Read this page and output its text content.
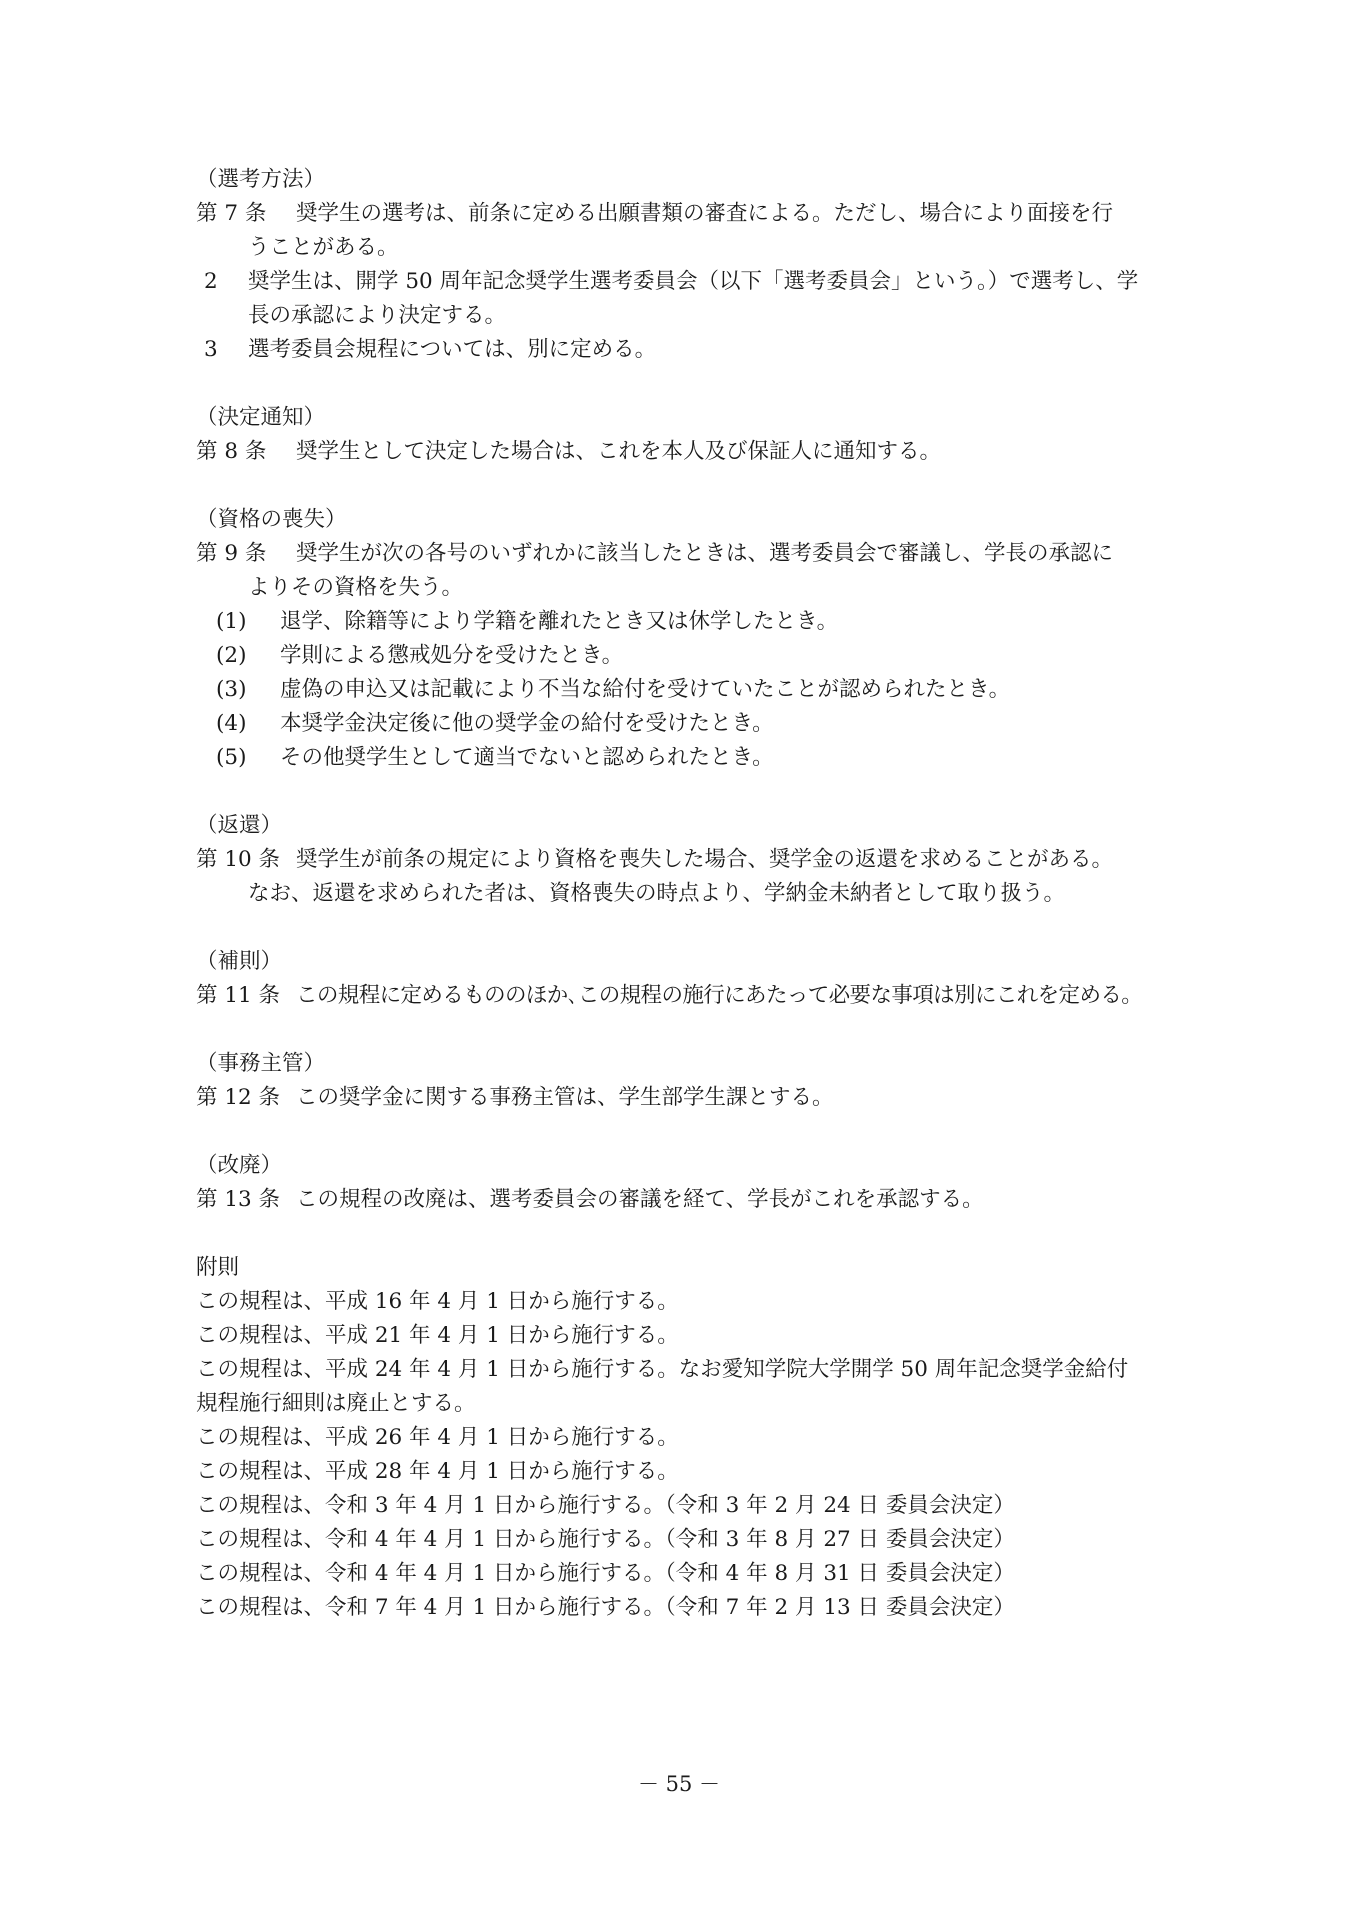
（選考方法）
第 7 条 奨学生の選考は、前条に定める出願書類の審査による。ただし、場合により面接を行
うことがある。
2 奨学生は、開学 50 周年記念奨学生選考委員会（以下「選考委員会」という。）で選考し、学
長の承認により決定する。
3 選考委員会規程については、別に定める。
（決定通知）
第 8 条 奨学生として決定した場合は、これを本人及び保証人に通知する。
（資格の喪失）
第 9 条 奨学生が次の各号のいずれかに該当したときは、選考委員会で審議し、学長の承認に
よりその資格を失う。
(1) 退学、除籍等により学籍を離れたとき又は休学したとき。
(2) 学則による懲戒処分を受けたとき。
(3) 虚偽の申込又は記載により不当な給付を受けていたことが認められたとき。
(4) 本奨学金決定後に他の奨学金の給付を受けたとき。
(5) その他奨学生として適当でないと認められたとき。
（返還）
第 10 条 奨学生が前条の規定により資格を喪失した場合、奨学金の返還を求めることがある。
なお、返還を求められた者は、資格喪失の時点より、学納金未納者として取り扱う。
（補則）
第 11 条 この規程に定めるもののほか､この規程の施行にあたって必要な事項は別にこれを定める。
（事務主管）
第 12 条 この奨学金に関する事務主管は、学生部学生課とする。
（改廃）
第 13 条 この規程の改廃は、選考委員会の審議を経て、学長がこれを承認する。
附則
この規程は、平成 16 年 4 月 1 日から施行する。
この規程は、平成 21 年 4 月 1 日から施行する。
この規程は、平成 24 年 4 月 1 日から施行する。なお愛知学院大学開学 50 周年記念奨学金給付
規程施行細則は廃止とする。
この規程は、平成 26 年 4 月 1 日から施行する。
この規程は、平成 28 年 4 月 1 日から施行する。
この規程は、令和 3 年 4 月 1 日から施行する。（令和 3 年 2 月 24 日 委員会決定）
この規程は、令和 4 年 4 月 1 日から施行する。（令和 3 年 8 月 27 日 委員会決定）
この規程は、令和 4 年 4 月 1 日から施行する。（令和 4 年 8 月 31 日 委員会決定）
この規程は、令和 7 年 4 月 1 日から施行する。（令和 7 年 2 月 13 日 委員会決定）
－ 55 －
